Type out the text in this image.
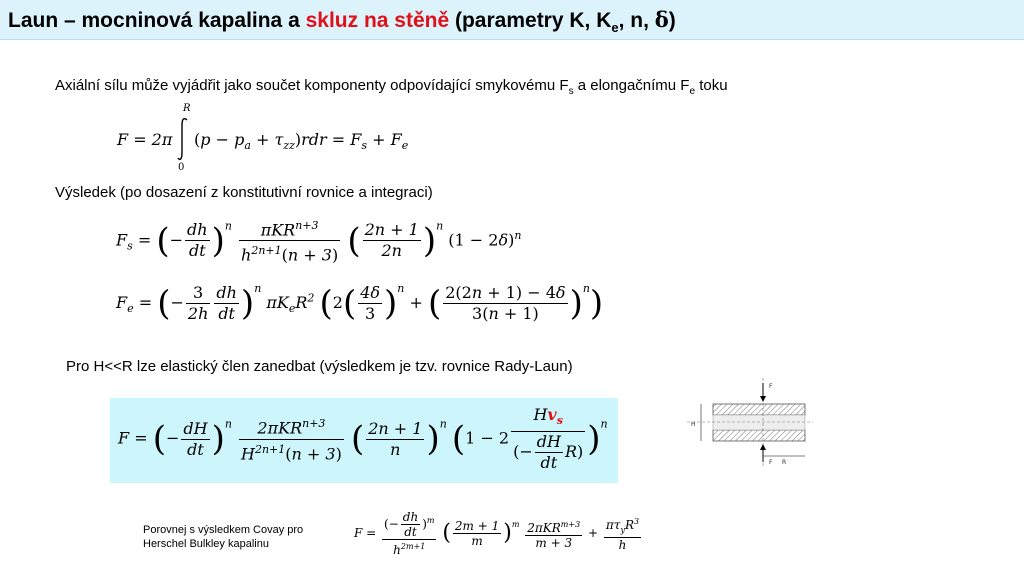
Laun – mocninová kapalina a skluz na stěně (parametry K, $K_e$, n, δ)
Axiální sílu může vyjádřit jako součet komponenty odpovídající smykovému $F_s$ a elongačnímu $F_e$ toku
F = 2π
R
0
$(p - p_a + \tau_{zz})rdr = F_s + F_e$
Výsledek (po dosazení z konstitutivní rovnice a integraci)
$F_s$ = (− $\frac{dh}{dt} )^n \frac{\pi KR^{n+3}}{h^{2n+1}(n + 3)}$ ( $\frac{2n + 1}{2n} )^n$ $(1 - 2\delta)^n$
$F_e$ = (− $\frac{3}{2h} \frac{dh}{dt} )^n$ $\pi K_eR^2$ ($2( \frac{4\delta}{3} )^n$ + ( $\frac{2(2n + 1) - 4\delta}{3(n + 1)} )^n$)
Pro H<<R lze elastický člen zanedbat (výsledkem je tzv. rovnice Rady-Laun)
F = (− $\frac{dH}{dt} )^n \frac{2\pi KR^{n+3}}{H^{2n+1}(n + 3)}$ ( $\frac{2n + 1}{n} )^n$ $(1 - 2 \frac{Hv_s}{(- \frac{dH}{dt} R)} )^n$	H
R
F
F
Porovnej s výsledkem Covay pro
Herschel Bulkley kapalinu
$F = \frac{(- \frac{dh}{dt} )^m}{h^{2m+1}}$ ( $\frac{2m + 1}{m} )^m \frac{2\pi KR^{m+3}}{m + 3} + \frac{\pi\tau_yR^3}{h}$
